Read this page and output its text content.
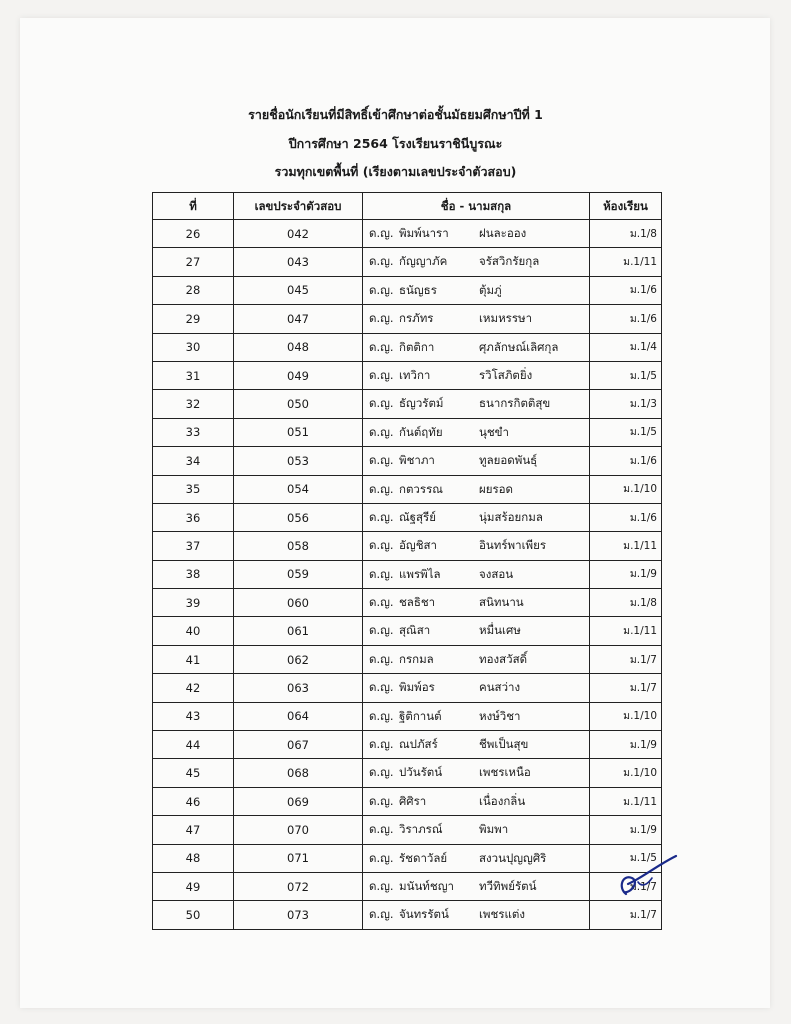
รายชื่อนักเรียนที่มีสิทธิ์เข้าศึกษาต่อชั้นมัธยมศึกษาปีที่ 1
ปีการศึกษา 2564 โรงเรียนราชินีบูรณะ
รวมทุกเขตพื้นที่ (เรียงตามเลขประจำตัวสอบ)
ที่	เลขประจำตัวสอบ	ชื่อ - นามสกุล	ห้องเรียน
26	042	ด.ญ. พิมพ์นารา ฝนละออง	ม.1/8
27	043	ด.ญ. กัญญาภัค จรัสวิกรัยกุล	ม.1/11
28	045	ด.ญ. ธนัญธร ตุ้มภู่	ม.1/6
29	047	ด.ญ. กรภัทร เหมหรรษา	ม.1/6
30	048	ด.ญ. กิตติกา ศุภลักษณ์เลิศกุล	ม.1/4
31	049	ด.ญ. เทวิกา รวิโสภิตยิ่ง	ม.1/5
32	050	ด.ญ. ธัญวรัตม์ ธนากรกิตติสุข	ม.1/3
33	051	ด.ญ. กันต์ฤทัย นุชขำ	ม.1/5
34	053	ด.ญ. พิชาภา ทูลยอดพันธุ์	ม.1/6
35	054	ด.ญ. กตวรรณ ผยรอด	ม.1/10
36	056	ด.ญ. ณัฐสุรีย์ นุ่มสร้อยกมล	ม.1/6
37	058	ด.ญ. อัญชิสา อินทร์พาเพียร	ม.1/11
38	059	ด.ญ. แพรพิไล จงสอน	ม.1/9
39	060	ด.ญ. ชลธิชา สนิทนาน	ม.1/8
40	061	ด.ญ. สุณิสา หมื่นเศษ	ม.1/11
41	062	ด.ญ. กรกมล ทองสวัสดิ์	ม.1/7
42	063	ด.ญ. พิมพ์อร คนสว่าง	ม.1/7
43	064	ด.ญ. ฐิติกานต์ หงษ์วิชา	ม.1/10
44	067	ด.ญ. ณปภัสร์ ชีพเป็นสุข	ม.1/9
45	068	ด.ญ. ปวันรัตน์ เพชรเหนือ	ม.1/10
46	069	ด.ญ. ศิศิรา เนื่องกลิ่น	ม.1/11
47	070	ด.ญ. วิราภรณ์ พิมพา	ม.1/9
48	071	ด.ญ. รัชดาวัลย์ สงวนปุญญศิริ	ม.1/5
49	072	ด.ญ. มนันท์ชญา ทวีทิพย์รัตน์	ม.1/7
50	073	ด.ญ. จันทรรัตน์ เพชรแต่ง	ม.1/7
